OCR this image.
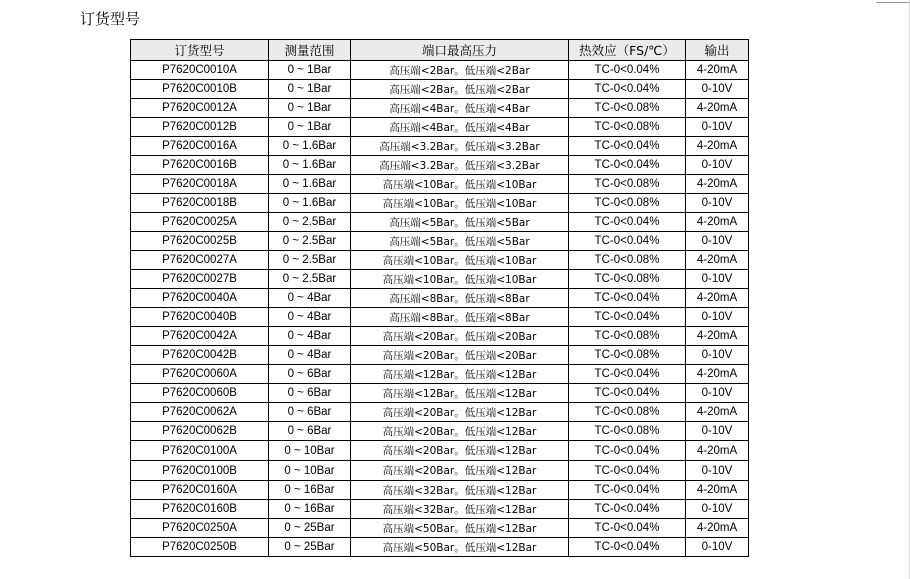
订货型号
订货型号	测量范围	端口最高压力	热效应（FS/℃）	输出
P7620C0010A	0 ~ 1Bar	高压端<2Bar。低压端<2Bar	TC-0<0.04%	4-20mA
P7620C0010B	0 ~ 1Bar	高压端<2Bar。低压端<2Bar	TC-0<0.04%	0-10V
P7620C0012A	0 ~ 1Bar	高压端<4Bar。低压端<4Bar	TC-0<0.08%	4-20mA
P7620C0012B	0 ~ 1Bar	高压端<4Bar。低压端<4Bar	TC-0<0.08%	0-10V
P7620C0016A	0 ~ 1.6Bar	高压端<3.2Bar。低压端<3.2Bar	TC-0<0.04%	4-20mA
P7620C0016B	0 ~ 1.6Bar	高压端<3.2Bar。低压端<3.2Bar	TC-0<0.04%	0-10V
P7620C0018A	0 ~ 1.6Bar	高压端<10Bar。低压端<10Bar	TC-0<0.08%	4-20mA
P7620C0018B	0 ~ 1.6Bar	高压端<10Bar。低压端<10Bar	TC-0<0.08%	0-10V
P7620C0025A	0 ~ 2.5Bar	高压端<5Bar。低压端<5Bar	TC-0<0.04%	4-20mA
P7620C0025B	0 ~ 2.5Bar	高压端<5Bar。低压端<5Bar	TC-0<0.04%	0-10V
P7620C0027A	0 ~ 2.5Bar	高压端<10Bar。低压端<10Bar	TC-0<0.08%	4-20mA
P7620C0027B	0 ~ 2.5Bar	高压端<10Bar。低压端<10Bar	TC-0<0.08%	0-10V
P7620C0040A	0 ~ 4Bar	高压端<8Bar。低压端<8Bar	TC-0<0.04%	4-20mA
P7620C0040B	0 ~ 4Bar	高压端<8Bar。低压端<8Bar	TC-0<0.04%	0-10V
P7620C0042A	0 ~ 4Bar	高压端<20Bar。低压端<20Bar	TC-0<0.08%	4-20mA
P7620C0042B	0 ~ 4Bar	高压端<20Bar。低压端<20Bar	TC-0<0.08%	0-10V
P7620C0060A	0 ~ 6Bar	高压端<12Bar。低压端<12Bar	TC-0<0.04%	4-20mA
P7620C0060B	0 ~ 6Bar	高压端<12Bar。低压端<12Bar	TC-0<0.04%	0-10V
P7620C0062A	0 ~ 6Bar	高压端<20Bar。低压端<12Bar	TC-0<0.08%	4-20mA
P7620C0062B	0 ~ 6Bar	高压端<20Bar。低压端<12Bar	TC-0<0.08%	0-10V
P7620C0100A	0 ~ 10Bar	高压端<20Bar。低压端<12Bar	TC-0<0.04%	4-20mA
P7620C0100B	0 ~ 10Bar	高压端<20Bar。低压端<12Bar	TC-0<0.04%	0-10V
P7620C0160A	0 ~ 16Bar	高压端<32Bar。低压端<12Bar	TC-0<0.04%	4-20mA
P7620C0160B	0 ~ 16Bar	高压端<32Bar。低压端<12Bar	TC-0<0.04%	0-10V
P7620C0250A	0 ~ 25Bar	高压端<50Bar。低压端<12Bar	TC-0<0.04%	4-20mA
P7620C0250B	0 ~ 25Bar	高压端<50Bar。低压端<12Bar	TC-0<0.04%	0-10V
